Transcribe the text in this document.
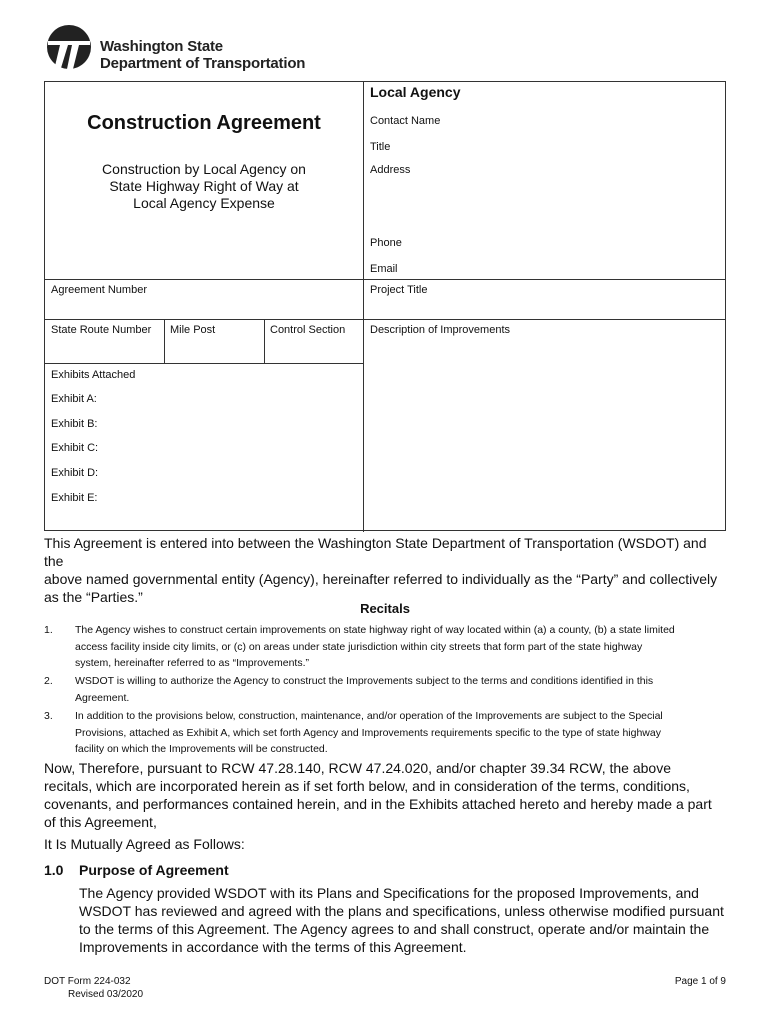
Washington State
Department of Transportation
Construction Agreement
Construction by Local Agency on
State Highway Right of Way at
Local Agency Expense
Local Agency
Contact Name
Title
Address
Phone
Email
Agreement Number	Project Title
State Route Number Mile Post	Control Section Description of Improvements
Exhibits Attached
Exhibit A:
Exhibit B:
Exhibit C:
Exhibit D:
Exhibit E:
This Agreement is entered into between the Washington State Department of Transportation (WSDOT) and the
above named governmental entity (Agency), hereinafter referred to individually as the “Party” and collectively
as the “Parties.”
Recitals
1. The Agency wishes to construct certain improvements on state highway right of way located within (a) a county, (b) a state limited
access facility inside city limits, or (c) on areas under state jurisdiction within city streets that form part of the state highway
system, hereinafter referred to as “Improvements.”
2. WSDOT is willing to authorize the Agency to construct the Improvements subject to the terms and conditions identified in this
Agreement.
3. In addition to the provisions below, construction, maintenance, and/or operation of the Improvements are subject to the Special
Provisions, attached as Exhibit A, which set forth Agency and Improvements requirements specific to the type of state highway
facility on which the Improvements will be constructed.
Now, Therefore, pursuant to RCW 47.28.140, RCW 47.24.020, and/or chapter 39.34 RCW, the above
recitals, which are incorporated herein as if set forth below, and in consideration of the terms, conditions,
covenants, and performances contained herein, and in the Exhibits attached hereto and hereby made a part
of this Agreement,
It Is Mutually Agreed as Follows:
1.0 Purpose of Agreement
The Agency provided WSDOT with its Plans and Specifications for the proposed Improvements, and
WSDOT has reviewed and agreed with the plans and specifications, unless otherwise modified pursuant
to the terms of this Agreement. The Agency agrees to and shall construct, operate and/or maintain the
Improvements in accordance with the terms of this Agreement.
DOT Form 224-032
Revised 03/2020
Page 1 of 9
